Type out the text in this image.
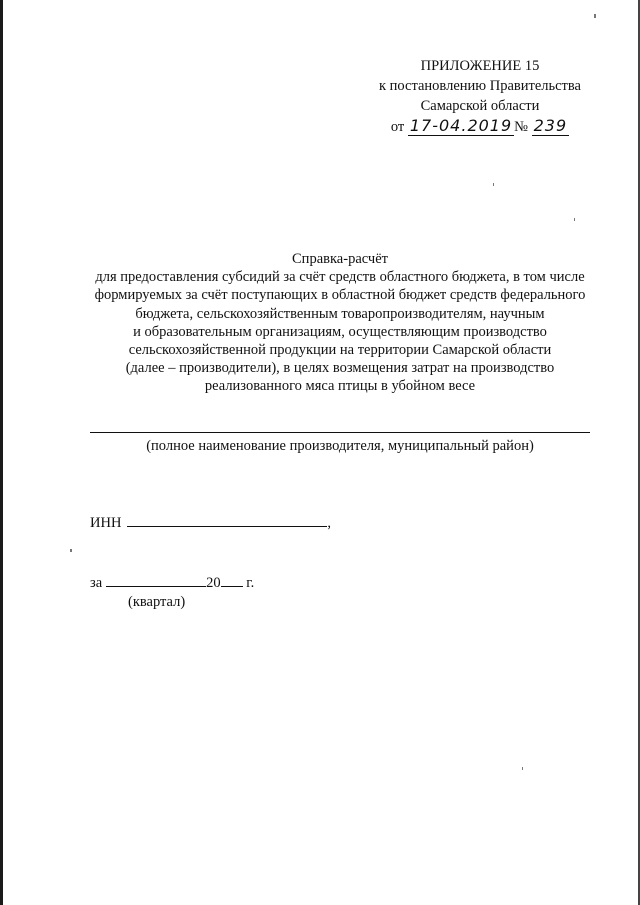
ПРИЛОЖЕНИЕ 15
к постановлению Правительства
Самарской области
от 17-04.2019 № 239
Справка-расчёт
для предоставления субсидий за счёт средств областного бюджета, в том числе
формируемых за счёт поступающих в областной бюджет средств федерального
бюджета, сельскохозяйственным товаропроизводителям, научным
и образовательным организациям, осуществляющим производство
сельскохозяйственной продукции на территории Самарской области
(далее – производители), в целях возмещения затрат на производство
реализованного мяса птицы в убойном весе
(полное наименование производителя, муниципальный район)
ИНН	,
за	20 г.
(квартал)
